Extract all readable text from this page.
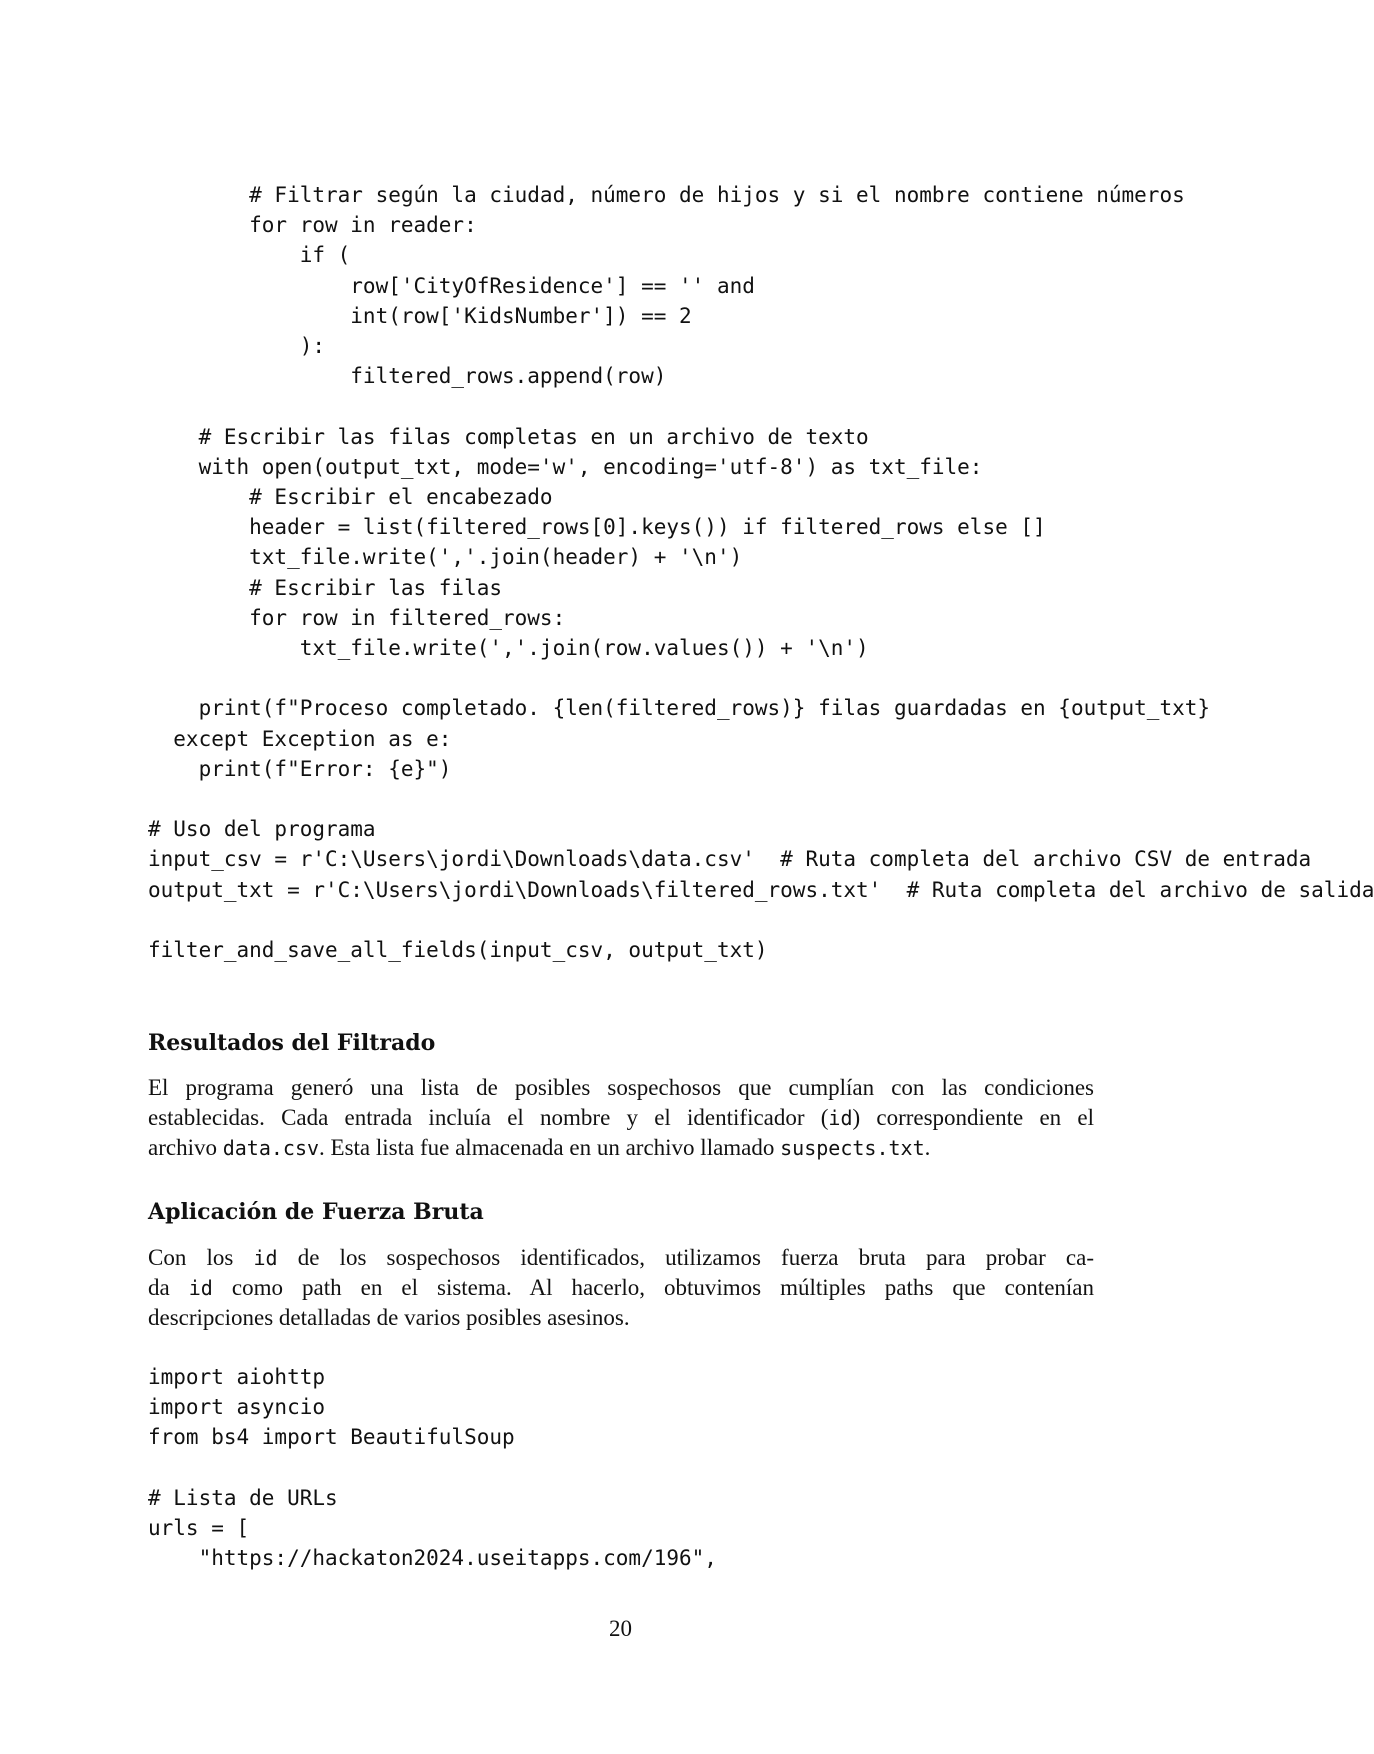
# Filtrar según la ciudad, número de hijos y si el nombre contiene números
for row in reader:
if (
row['CityOfResidence'] == '' and
int(row['KidsNumber']) == 2
):
filtered_rows.append(row)

# Escribir las filas completas en un archivo de texto
with open(output_txt, mode='w', encoding='utf-8') as txt_file:
# Escribir el encabezado
header = list(filtered_rows[0].keys()) if filtered_rows else []
txt_file.write(','.join(header) + '\n')
# Escribir las filas
for row in filtered_rows:
txt_file.write(','.join(row.values()) + '\n')

print(f"Proceso completado. {len(filtered_rows)} filas guardadas en {output_txt}
except Exception as e:
print(f"Error: {e}")

# Uso del programa
input_csv = r'C:\Users\jordi\Downloads\data.csv'  # Ruta completa del archivo CSV de entrada
output_txt = r'C:\Users\jordi\Downloads\filtered_rows.txt'  # Ruta completa del archivo de salida

filter_and_save_all_fields(input_csv, output_txt)

Resultados del Filtrado

El programa generó una lista de posibles sospechosos que cumplían con las condiciones
establecidas. Cada entrada incluía el nombre y el identificador (id) correspondiente en el
archivo data.csv. Esta lista fue almacenada en un archivo llamado suspects.txt.

Aplicación de Fuerza Bruta

Con los id de los sospechosos identificados, utilizamos fuerza bruta para probar ca-
da id como path en el sistema. Al hacerlo, obtuvimos múltiples paths que contenían
descripciones detalladas de varios posibles asesinos.

import aiohttp
import asyncio
from bs4 import BeautifulSoup

# Lista de URLs
urls = [
"https://hackaton2024.useitapps.com/196",

20
